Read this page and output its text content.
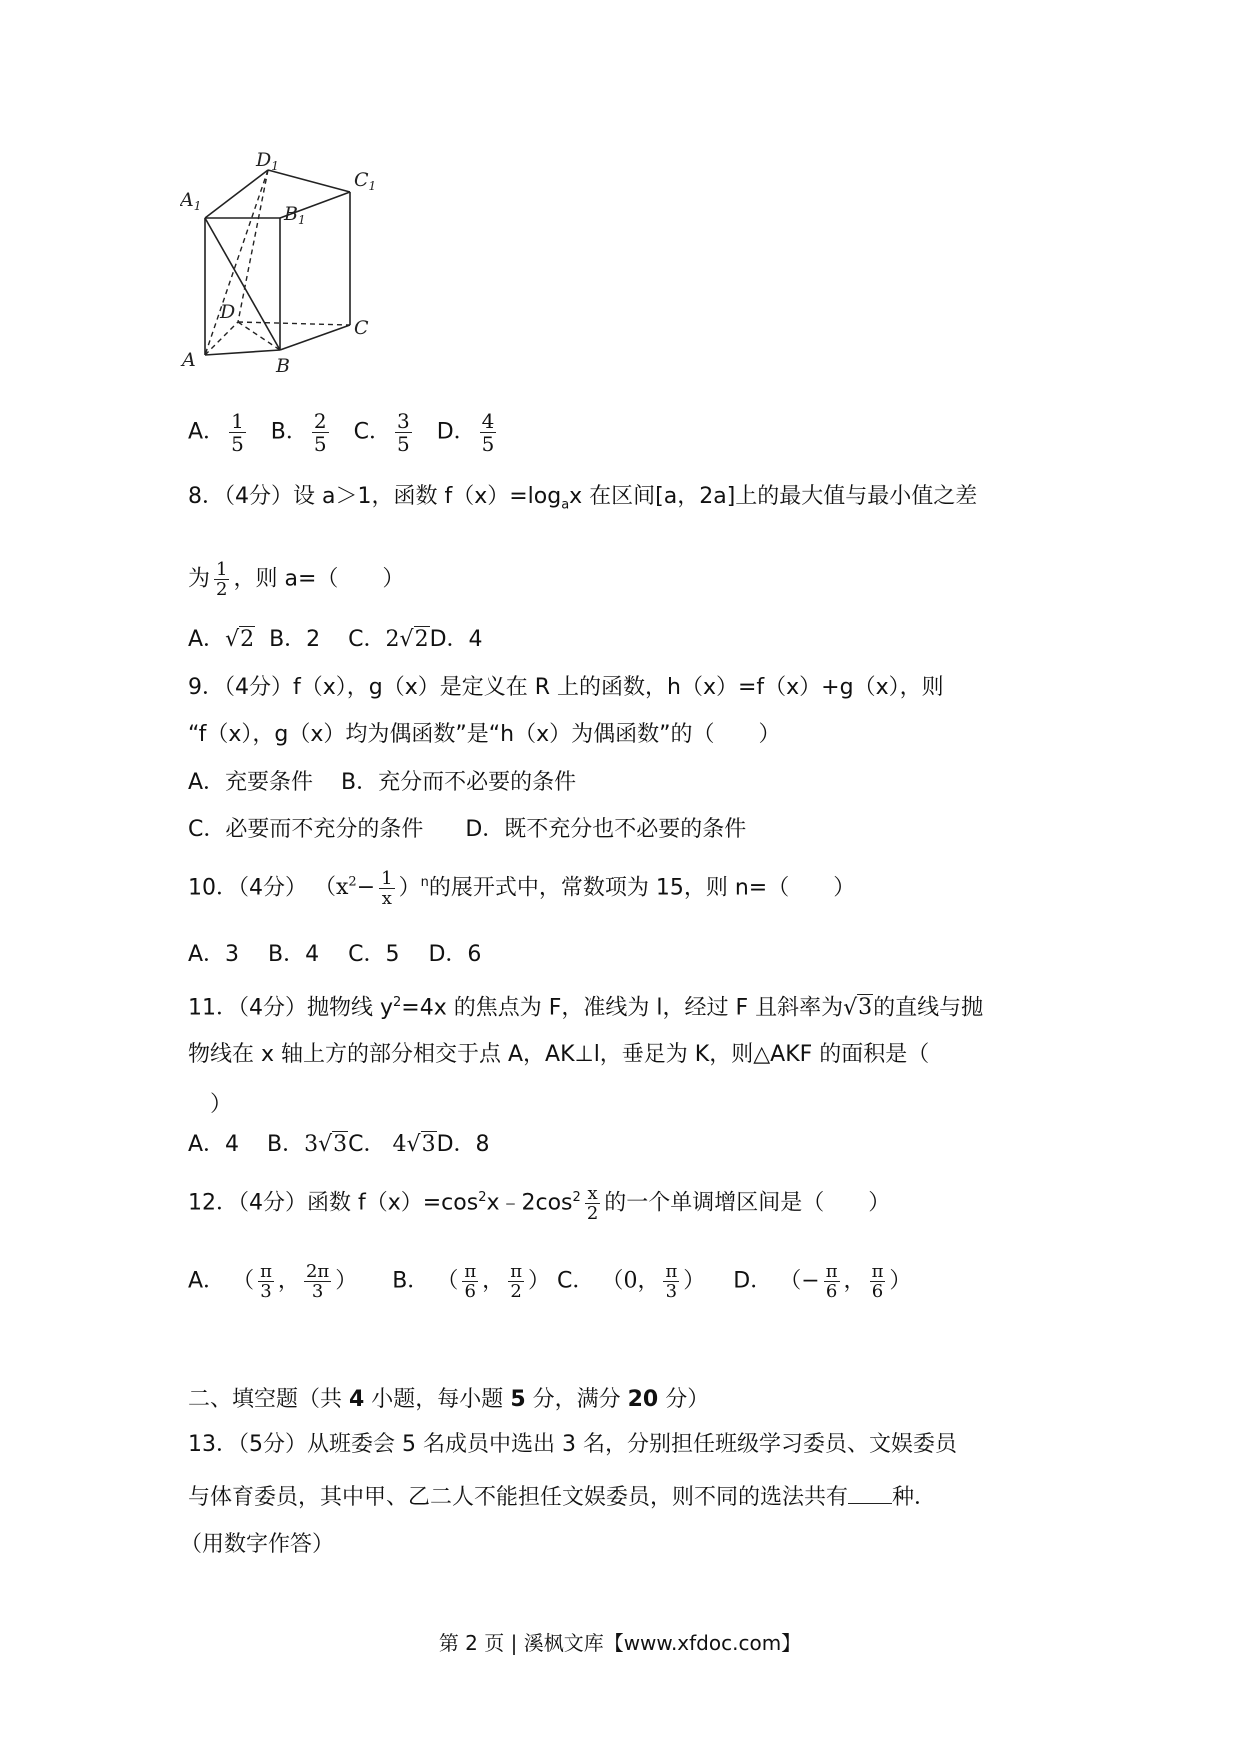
$D_1$
$C_1$
$A_1$	$B_1$
D
C
A	B
A． $\frac{1}{5}$ B． $\frac{2}{5}$ C． $\frac{3}{5}$ D． $\frac{4}{5}$
8．（4分）设 a＞1，函数 $f(x)=\log_ax$ 在区间[a，2a]上的最大值与最小值之差
为 $\frac{1}{2}$ ，则 a=（　　）
A．√2 B．2 C．2√2D．4
9．（4分）f（x），g（x）是定义在 R 上的函数，h（x）=f（x）+g（x），则
“f（x），g（x）均为偶函数”是“h（x）为偶函数”的（　　）
A．充要条件 B．充分而不必要的条件
C．必要而不充分的条件 D．既不充分也不必要的条件
10．（4分） $(x^2- \frac{1}{x} )^n$的展开式中，常数项为 15，则 n=（　　）
A．3　 B．4　 C．5　 D．6
11．（4分）抛物线 $y^2=4x$ 的焦点为 F，准线为 l，经过 F 且斜率为√3的直线与抛
物线在 x 轴上方的部分相交于点 A，AK⊥l，垂足为 K，则△AKF 的面积是（
）
A．4 B．3√3C． 4√3D．8
12．（4分）函数 $f(x)=\cos^2x﹣2\cos^2 \frac{x}{2}$ 的一个单调增区间是（　　）
A． （ $\frac{\pi}{3}$ ， $\frac{2\pi}{3}$ ） B． （ $\frac{\pi}{6}$ ， $\frac{\pi}{2}$ ） C． （0， $\frac{\pi}{3}$ ） D． （− $\frac{\pi}{6}$ ， $\frac{\pi}{6}$ ）
二、填空题（共 4 小题，每小题 5 分，满分 20 分）
13．（5分）从班委会 5 名成员中选出 3 名，分别担任班级学习委员、文娱委员
与体育委员，其中甲、乙二人不能担任文娱委员，则不同的选法共有 种．
（用数字作答）
第 2 页 | 溪枫文库【www.xfdoc.com】
